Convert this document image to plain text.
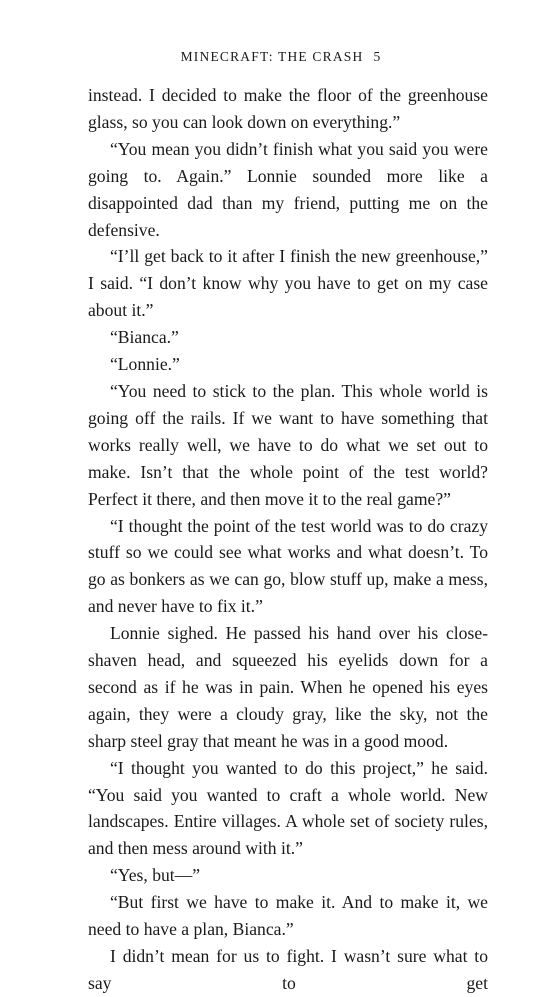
MINECRAFT: THE CRASH 5

instead. I decided to make the floor of the greenhouse glass, so you can look down on everything.”

“You mean you didn’t finish what you said you were going to. Again.” Lonnie sounded more like a disappointed dad than my friend, putting me on the defensive.

“I’ll get back to it after I finish the new greenhouse,” I said. “I don’t know why you have to get on my case about it.”

“Bianca.”

“Lonnie.”

“You need to stick to the plan. This whole world is going off the rails. If we want to have something that works really well, we have to do what we set out to make. Isn’t that the whole point of the test world? Perfect it there, and then move it to the real game?”

“I thought the point of the test world was to do crazy stuff so we could see what works and what doesn’t. To go as bonkers as we can go, blow stuff up, make a mess, and never have to fix it.”

Lonnie sighed. He passed his hand over his close-shaven head, and squeezed his eyelids down for a second as if he was in pain. When he opened his eyes again, they were a cloudy gray, like the sky, not the sharp steel gray that meant he was in a good mood.

“I thought you wanted to do this project,” he said. “You said you wanted to craft a whole world. New landscapes. Entire villages. A whole set of society rules, and then mess around with it.”

“Yes, but—”

“But first we have to make it. And to make it, we need to have a plan, Bianca.”

I didn’t mean for us to fight. I wasn’t sure what to say to get
